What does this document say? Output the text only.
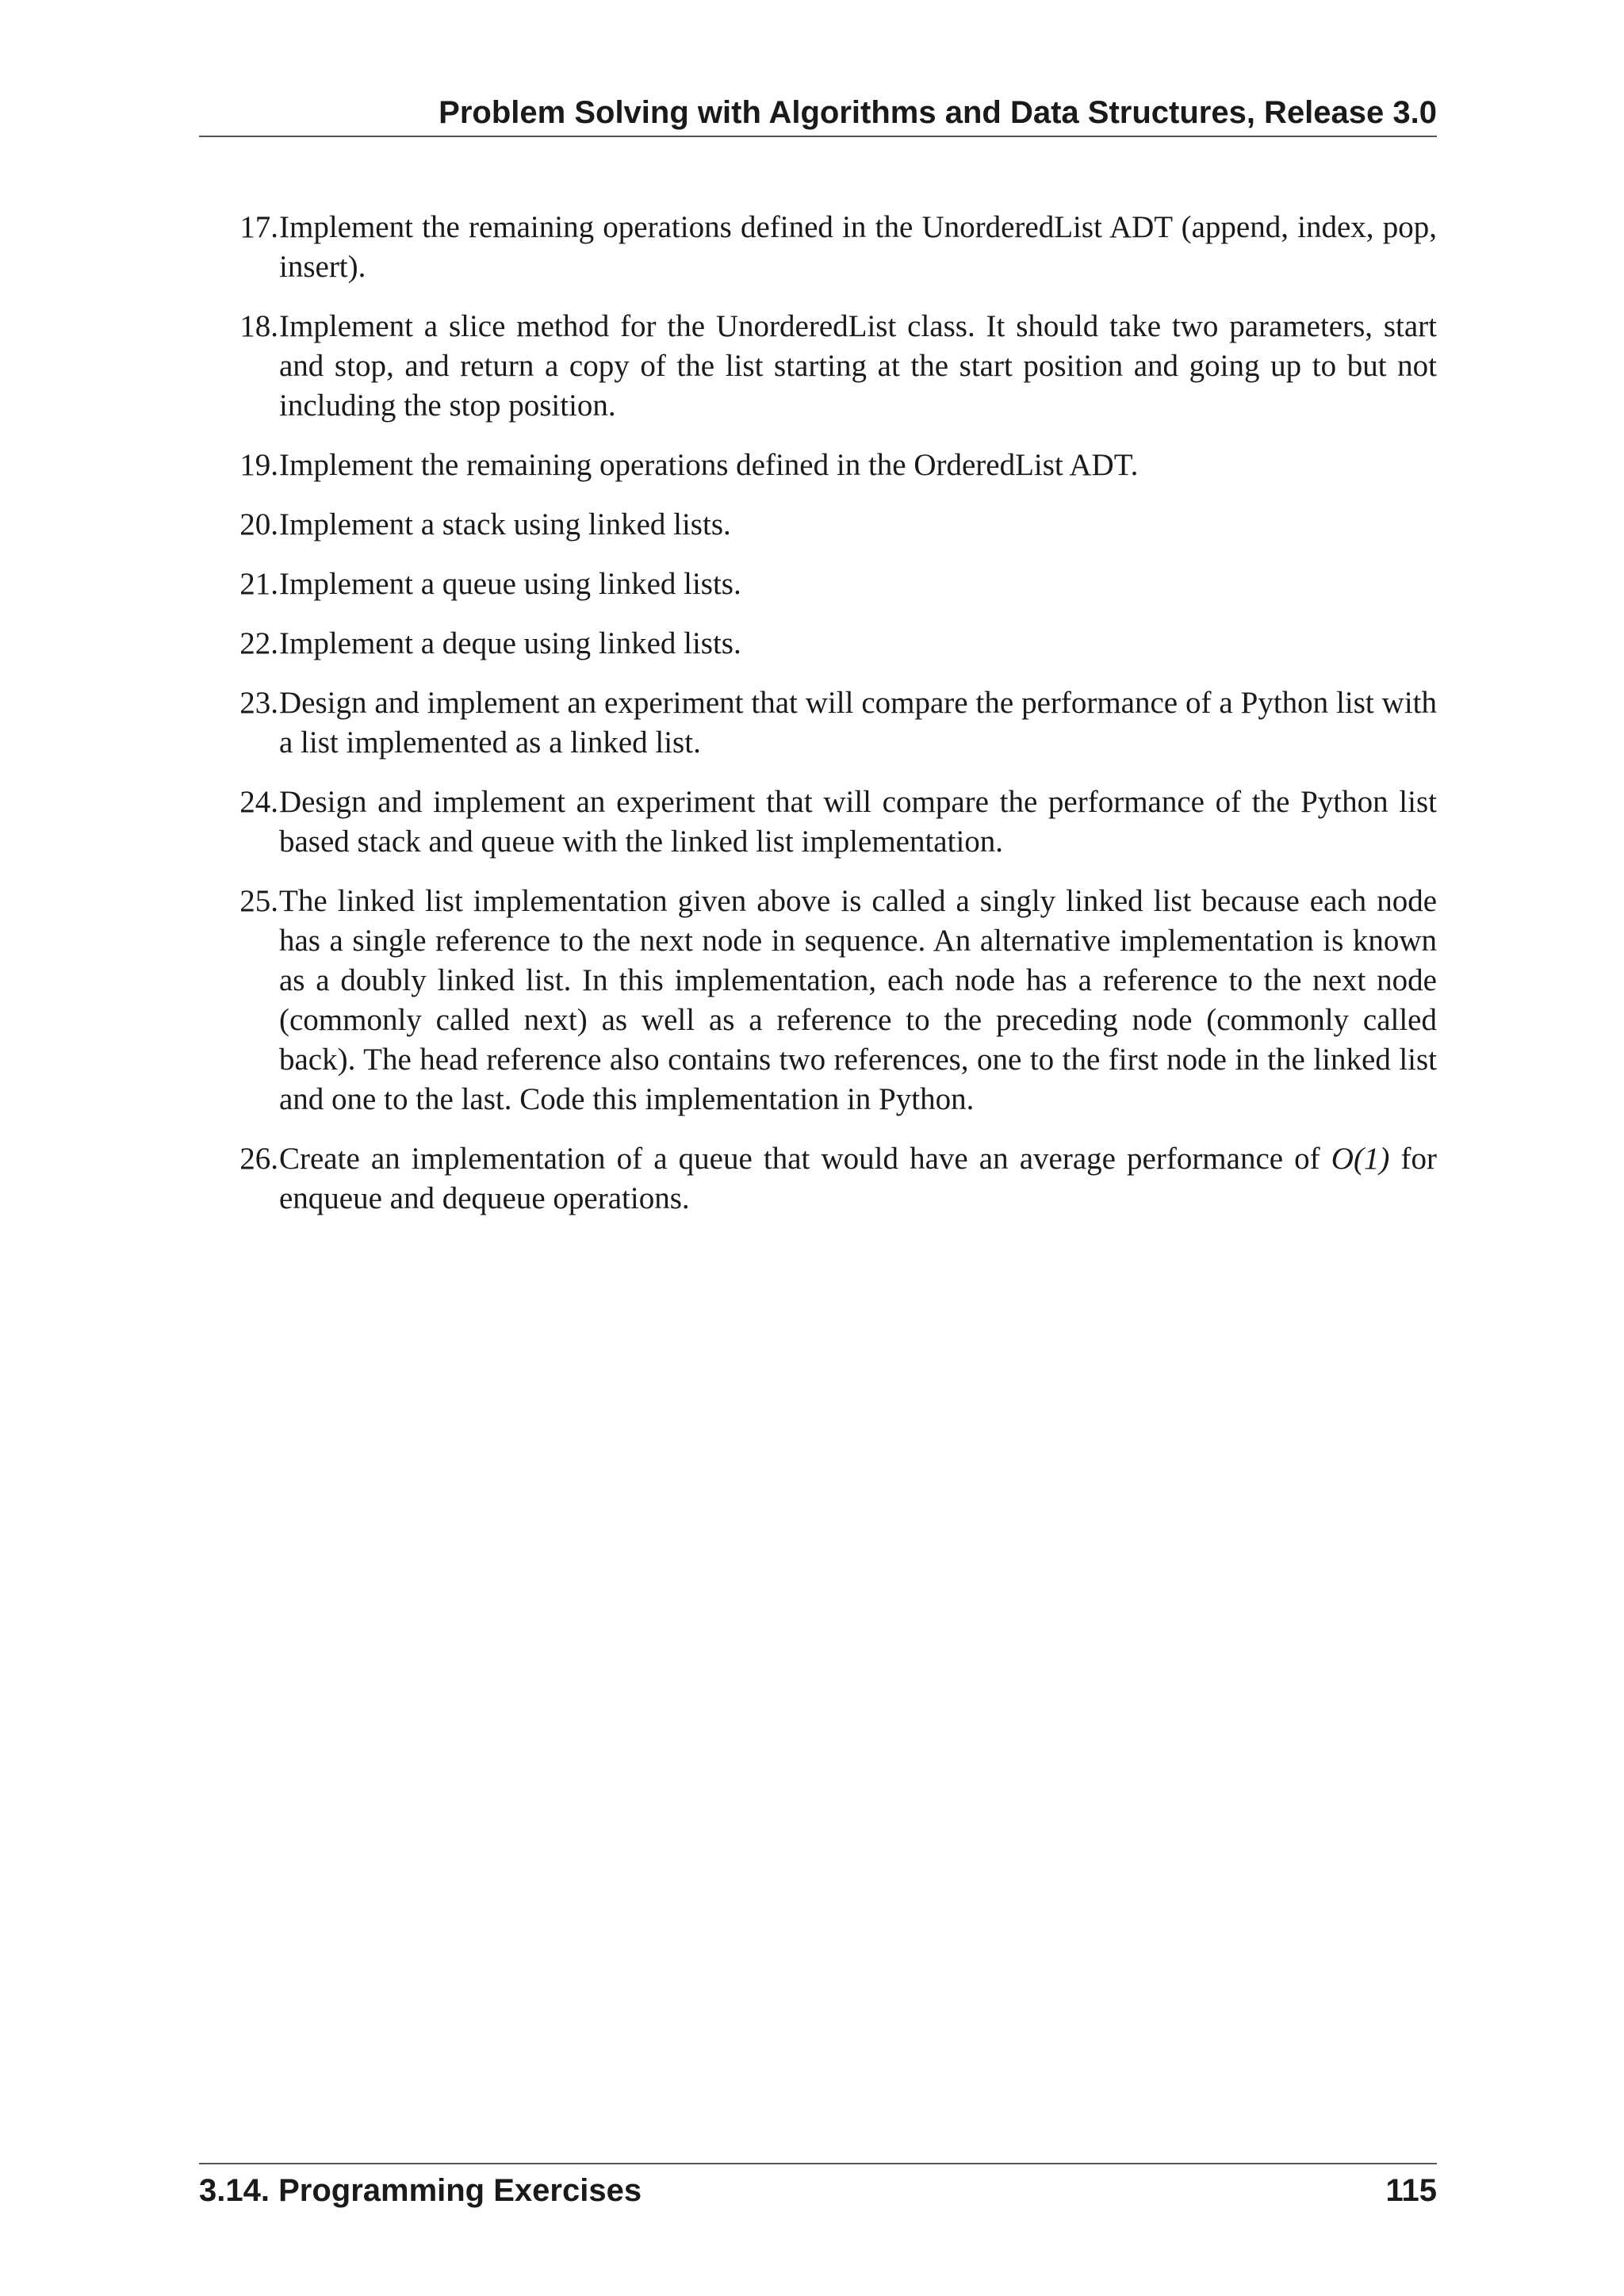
Problem Solving with Algorithms and Data Structures, Release 3.0
17. Implement the remaining operations defined in the UnorderedList ADT (append, index, pop, insert).
18. Implement a slice method for the UnorderedList class. It should take two parameters, start and stop, and return a copy of the list starting at the start position and going up to but not including the stop position.
19. Implement the remaining operations defined in the OrderedList ADT.
20. Implement a stack using linked lists.
21. Implement a queue using linked lists.
22. Implement a deque using linked lists.
23. Design and implement an experiment that will compare the performance of a Python list with a list implemented as a linked list.
24. Design and implement an experiment that will compare the performance of the Python list based stack and queue with the linked list implementation.
25. The linked list implementation given above is called a singly linked list because each node has a single reference to the next node in sequence. An alternative implementation is known as a doubly linked list. In this implementation, each node has a reference to the next node (commonly called next) as well as a reference to the preceding node (commonly called back). The head reference also contains two references, one to the first node in the linked list and one to the last. Code this implementation in Python.
26. Create an implementation of a queue that would have an average performance of O(1) for enqueue and dequeue operations.
3.14. Programming Exercises	115
